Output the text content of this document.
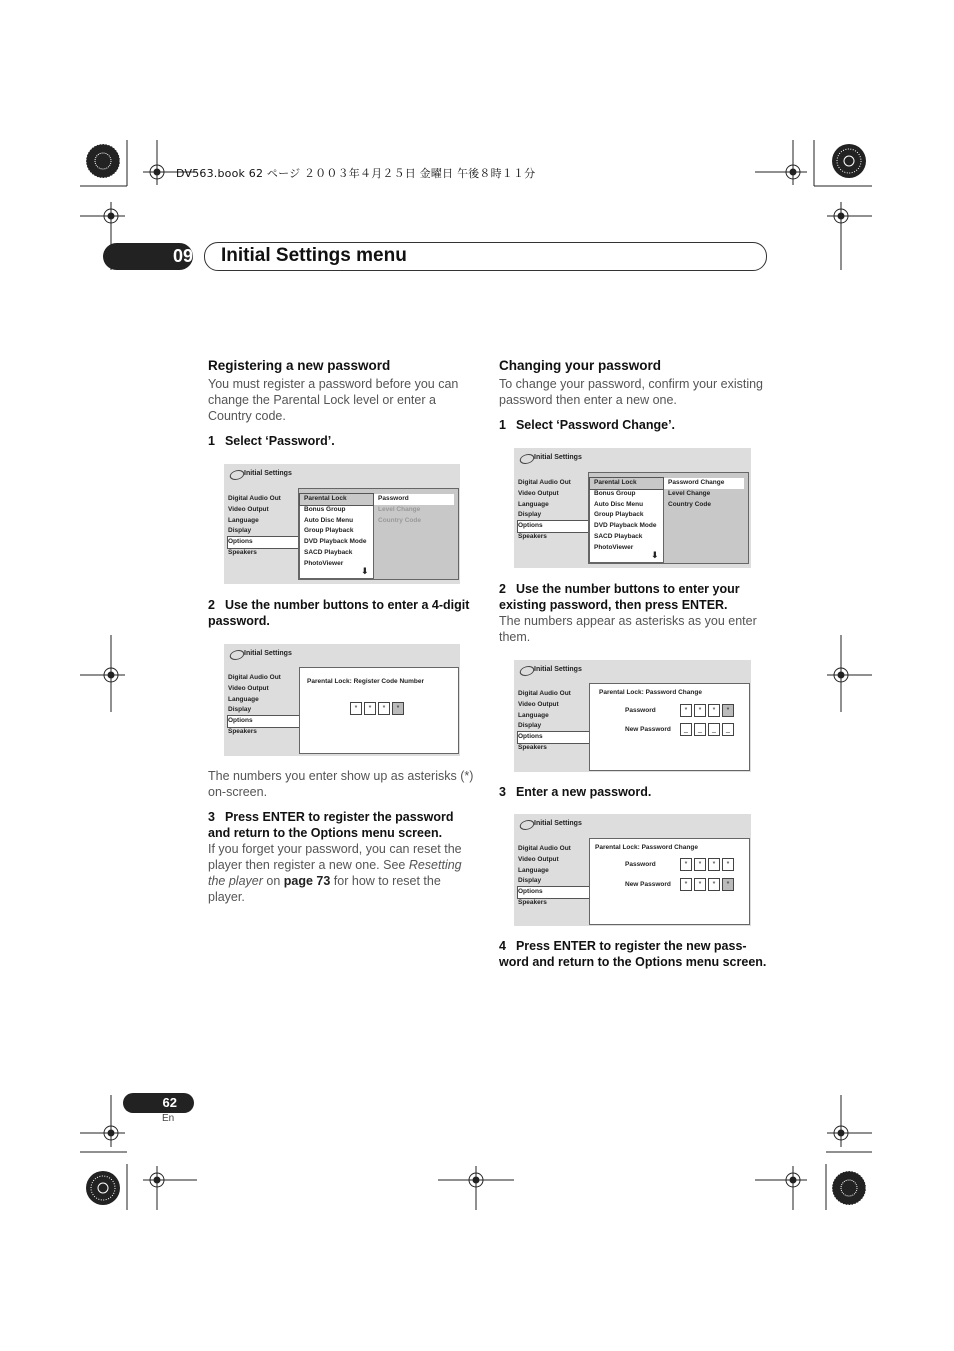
DV563.book 62 ページ ２００３年４月２５日 金曜日 午後８時１１分
09 Initial Settings menu
Registering a new password
You must register a password before you can change the Parental Lock level or enter a Country code.
1 Select ‘Password’.
Initial Settings
Digital Audio Out
Video Output
Language
Display
Options
Speakers
Parental Lock
Bonus Group
Auto Disc Menu
Group Playback
DVD Playback Mode
SACD Playback
PhotoViewer
⬇
Password
Level Change
Country Code
2 Use the number buttons to enter a 4-digit password.
Initial Settings
Digital Audio Out
Video Output
Language
Display
Options
Speakers
Parental Lock: Register Code Number
*	*	*	*
The numbers you enter show up as asterisks (*) on-screen.
3 Press ENTER to register the password and return to the Options menu screen.
If you forget your password, you can reset the player then register a new one. See Resetting the player on page 73 for how to reset the player.
Changing your password
To change your password, confirm your existing password then enter a new one.
1 Select ‘Password Change’.
Initial Settings
Digital Audio Out
Video Output
Language
Display
Options
Speakers
Parental Lock
Bonus Group
Auto Disc Menu
Group Playback
DVD Playback Mode
SACD Playback
PhotoViewer
⬇
Password Change
Level Change
Country Code
2 Use the number buttons to enter your existing password, then press ENTER.
The numbers appear as asterisks as you enter them.
Initial Settings
Digital Audio Out
Video Output
Language
Display
Options
Speakers
Parental Lock: Password Change
Password	*	*	*	*
New Password	_	_	_	_
3 Enter a new password.
Initial Settings
Digital Audio Out
Video Output
Language
Display
Options
Speakers
Parental Lock: Password Change
Password	*	*	*	*
New Password	*	*	*	*
4 Press ENTER to register the new pass-word and return to the Options menu screen.
62
En
